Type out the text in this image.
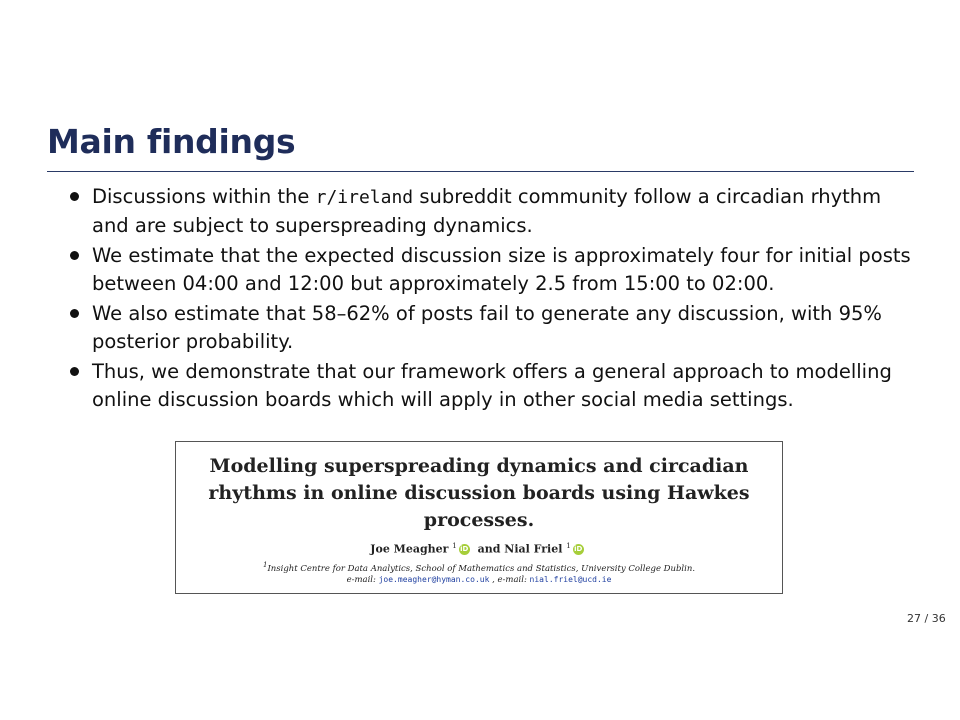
Main findings
Discussions within the r/ireland subreddit community follow a circadian rhythm and are subject to superspreading dynamics.
We estimate that the expected discussion size is approximately four for initial posts between 04:00 and 12:00 but approximately 2.5 from 15:00 to 02:00.
We also estimate that 58–62% of posts fail to generate any discussion, with 95% posterior probability.
Thus, we demonstrate that our framework offers a general approach to modelling online discussion boards which will apply in other social media settings.
Modelling superspreading dynamics and circadian rhythms in online discussion boards using Hawkes processes.
Joe Meagher $^1$ iD and Nial Friel $^1$ iD
$^1$Insight Centre for Data Analytics, School of Mathematics and Statistics, University College Dublin.
e-mail: joe.meagher@hyman.co.uk , e-mail: nial.friel@ucd.ie
27 / 36
